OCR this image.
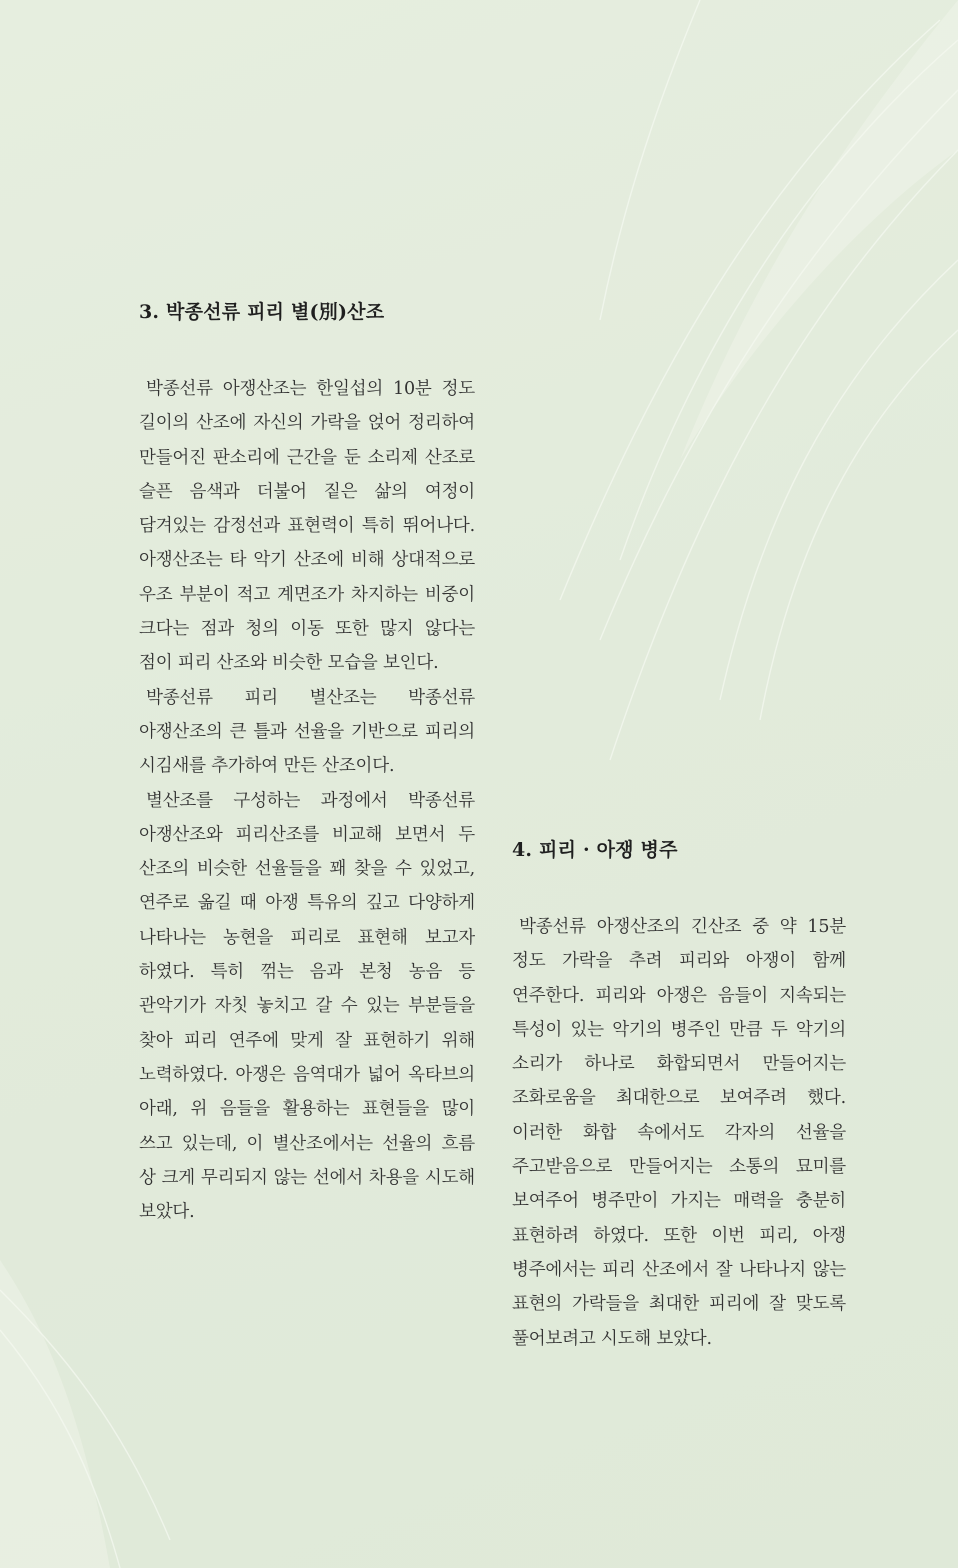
3. 박종선류 피리 별(別)산조

박종선류 아쟁산조는 한일섭의 10분 정도 길이의 산조에 자신의 가락을 얹어 정리하여 만들어진 판소리에 근간을 둔 소리제 산조로 슬픈 음색과 더불어 짙은 삶의 여정이 담겨있는 감정선과 표현력이 특히 뛰어나다. 아쟁산조는 타 악기 산조에 비해 상대적으로 우조 부분이 적고 계면조가 차지하는 비중이 크다는 점과 청의 이동 또한 많지 않다는 점이 피리 산조와 비슷한 모습을 보인다.

박종선류 피리 별산조는 박종선류 아쟁산조의 큰 틀과 선율을 기반으로 피리의 시김새를 추가하여 만든 산조이다.

별산조를 구성하는 과정에서 박종선류 아쟁산조와 피리산조를 비교해 보면서 두 산조의 비슷한 선율들을 꽤 찾을 수 있었고, 연주로 옮길 때 아쟁 특유의 깊고 다양하게 나타나는 농현을 피리로 표현해 보고자 하였다. 특히 꺾는 음과 본청 농음 등 관악기가 자칫 놓치고 갈 수 있는 부분들을 찾아 피리 연주에 맞게 잘 표현하기 위해 노력하였다. 아쟁은 음역대가 넓어 옥타브의 아래, 위 음들을 활용하는 표현들을 많이 쓰고 있는데, 이 별산조에서는 선율의 흐름 상 크게 무리되지 않는 선에서 차용을 시도해 보았다.

4. 피리 · 아쟁 병주

박종선류 아쟁산조의 긴산조 중 약 15분 정도 가락을 추려 피리와 아쟁이 함께 연주한다. 피리와 아쟁은 음들이 지속되는 특성이 있는 악기의 병주인 만큼 두 악기의 소리가 하나로 화합되면서 만들어지는 조화로움을 최대한으로 보여주려 했다. 이러한 화합 속에서도 각자의 선율을 주고받음으로 만들어지는 소통의 묘미를 보여주어 병주만이 가지는 매력을 충분히 표현하려 하였다. 또한 이번 피리, 아쟁 병주에서는 피리 산조에서 잘 나타나지 않는 표현의 가락들을 최대한 피리에 잘 맞도록 풀어보려고 시도해 보았다.
